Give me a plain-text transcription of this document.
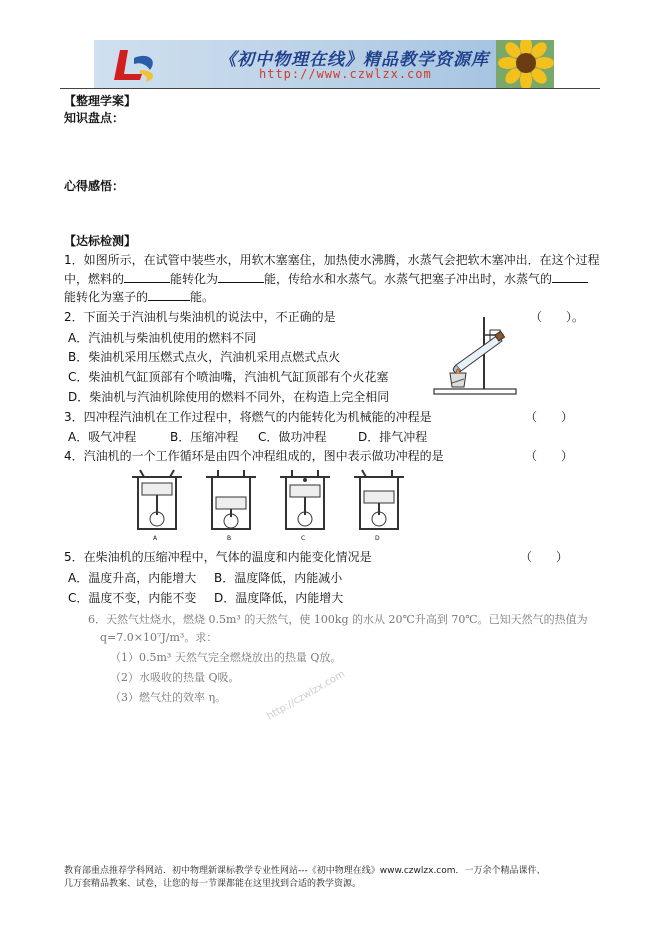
《初中物理在线》精品教学资源库
http://www.czwlzx.com
【整理学案】
知识盘点：
心得感悟：
【达标检测】
1．如图所示，在试管中装些水，用软木塞塞住，加热使水沸腾，水蒸气会把软木塞冲出．在这个过程
中，燃料的	能转化为	能，传给水和水蒸气。水蒸气把塞子冲出时，水蒸气的
能转化为塞子的	能。
2．下面关于汽油机与柴油机的说法中，不正确的是	（　　）。
A．汽油机与柴油机使用的燃料不同
B．柴油机采用压燃式点火，汽油机采用点燃式点火
C．柴油机气缸顶部有个喷油嘴，汽油机气缸顶部有个火花塞
D．柴油机与汽油机除使用的燃料不同外，在构造上完全相同
3．四冲程汽油机在工作过程中，将燃气的内能转化为机械能的冲程是	（　　）
A．吸气冲程	B．压缩冲程 C．做功冲程	D．排气冲程
4．汽油机的一个工作循环是由四个冲程组成的，图中表示做功冲程的是	（　　）
A	B	C	D
5．在柴油机的压缩冲程中，气体的温度和内能变化情况是	（　　）
A．温度升高，内能增大 B．温度降低，内能减小
C．温度不变，内能不变 D．温度降低，内能增大
6．天然气灶烧水，燃烧 0.5m³ 的天然气，使 100kg 的水从 20℃升高到 70℃。已知天然气的热值为
q=7.0×10⁷J/m³。求：
（1）0.5m³ 天然气完全燃烧放出的热量 Q放。
（2）水吸收的热量 Q吸。
（3）燃气灶的效率 η。	http://czwlzx.com
教育部重点推荐学科网站．初中物理新课标教学专业性网站---《初中物理在线》www.czwlzx.com．一万余个精品课件、
几万套精品教案、试卷，让您的每一节课都能在这里找到合适的教学资源。
